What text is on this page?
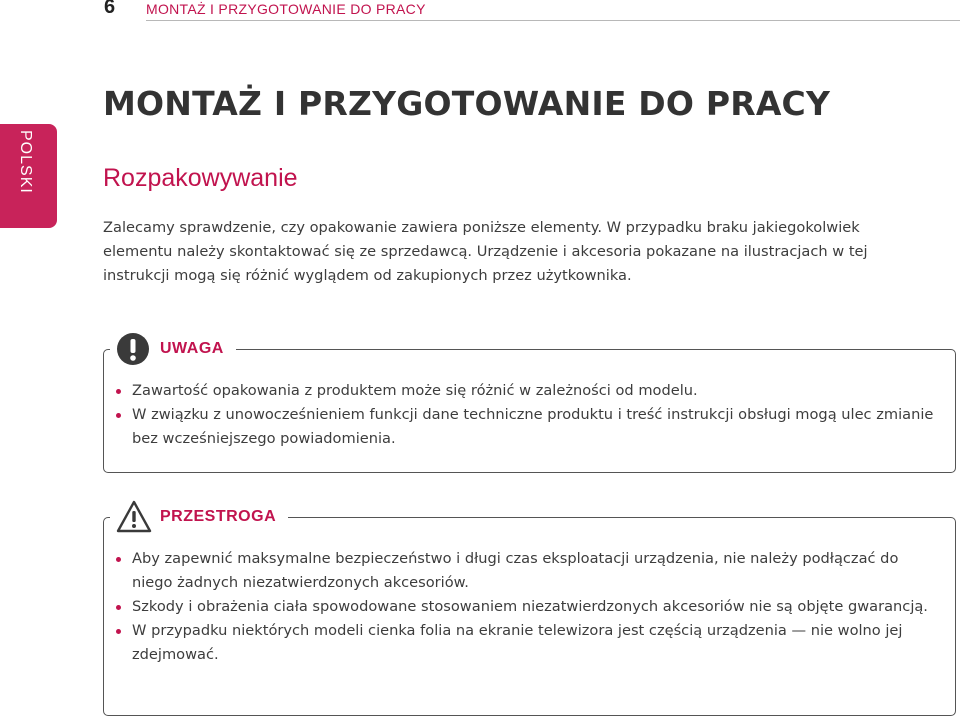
6 MONTAŻ I PRZYGOTOWANIE DO PRACY
POLSKI
MONTAŻ I PRZYGOTOWANIE DO PRACY
Rozpakowywanie

Zalecamy sprawdzenie, czy opakowanie zawiera poniższe elementy. W przypadku braku jakiegokolwiek elementu należy skontaktować się ze sprzedawcą. Urządzenie i akcesoria pokazane na ilustracjach w tej instrukcji mogą się różnić wyglądem od zakupionych przez użytkownika.

UWAGA
Zawartość opakowania z produktem może się różnić w zależności od modelu.
W związku z unowocześnieniem funkcji dane techniczne produktu i treść instrukcji obsługi mogą ulec zmianie bez wcześniejszego powiadomienia.
PRZESTROGA
Aby zapewnić maksymalne bezpieczeństwo i długi czas eksploatacji urządzenia, nie należy podłączać do niego żadnych niezatwierdzonych akcesoriów.
Szkody i obrażenia ciała spowodowane stosowaniem niezatwierdzonych akcesoriów nie są objęte gwarancją.
W przypadku niektórych modeli cienka folia na ekranie telewizora jest częścią urządzenia — nie wolno jej zdejmować.
